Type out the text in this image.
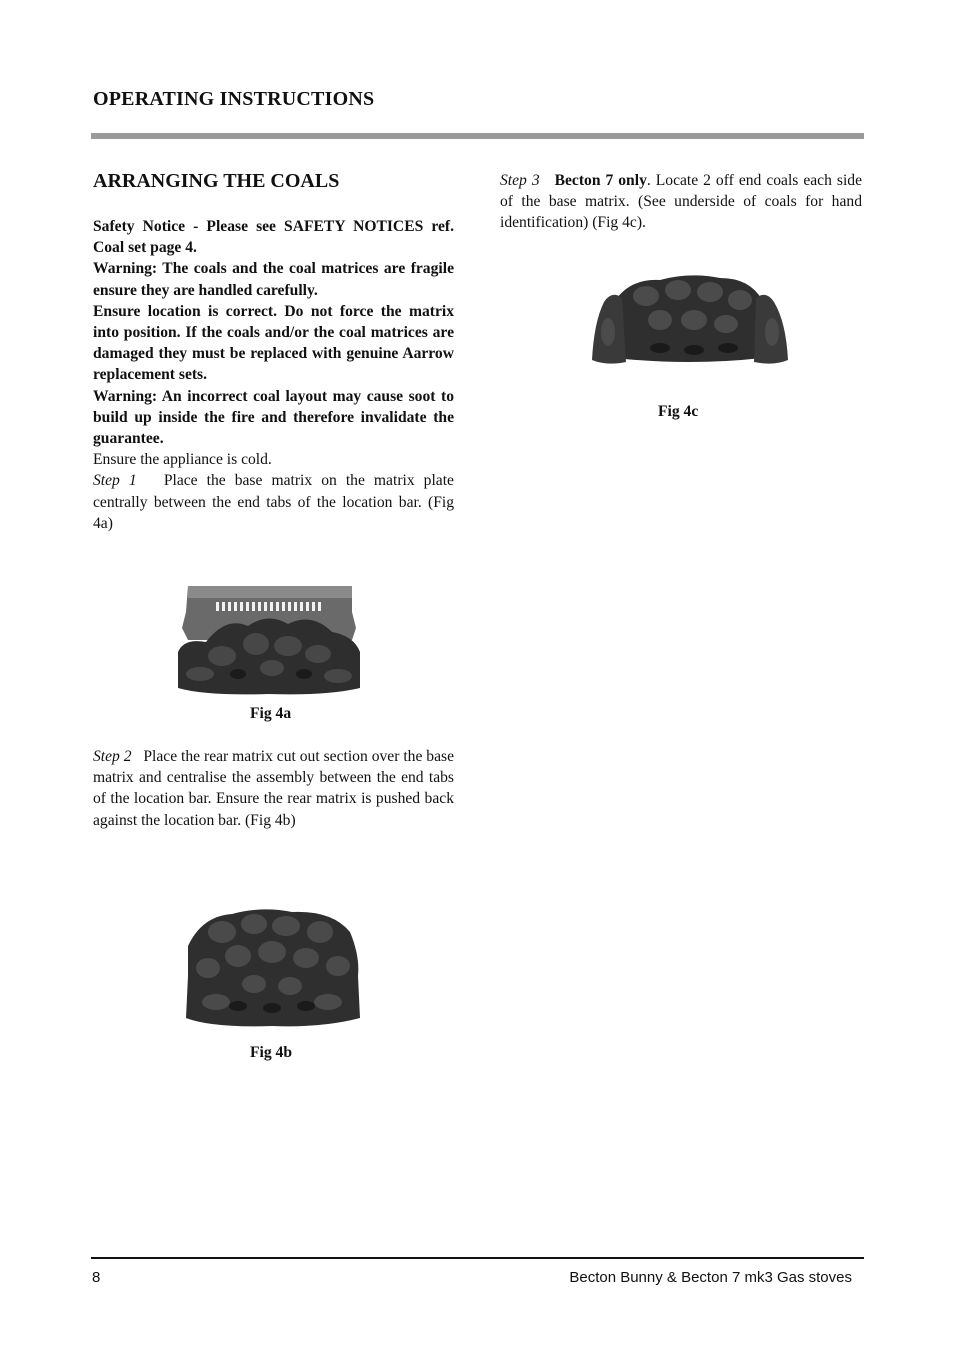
OPERATING INSTRUCTIONS
ARRANGING THE COALS

Safety Notice - Please see SAFETY NOTICES ref. Coal set page 4.

Warning: The coals and the coal matrices are fragile ensure they are handled carefully.

Ensure location is correct. Do not force the matrix into position. If the coals and/or the coal matrices are damaged they must be replaced with genuine Aarrow replacement sets.

Warning: An incorrect coal layout may cause soot to build up inside the fire and therefore invalidate the guarantee.

Ensure the appliance is cold.

Step 1 Place the base matrix on the matrix plate centrally between the end tabs of the location bar. (Fig 4a)

Fig 4a

Step 2 Place the rear matrix cut out section over the base matrix and centralise the assembly between the end tabs of the location bar. Ensure the rear matrix is pushed back against the location bar. (Fig 4b)

Fig 4b

Step 3 Becton 7 only. Locate 2 off end coals each side of the base matrix. (See underside of coals for hand identification) (Fig 4c).

Fig 4c
8	Becton Bunny & Becton 7 mk3 Gas stoves
